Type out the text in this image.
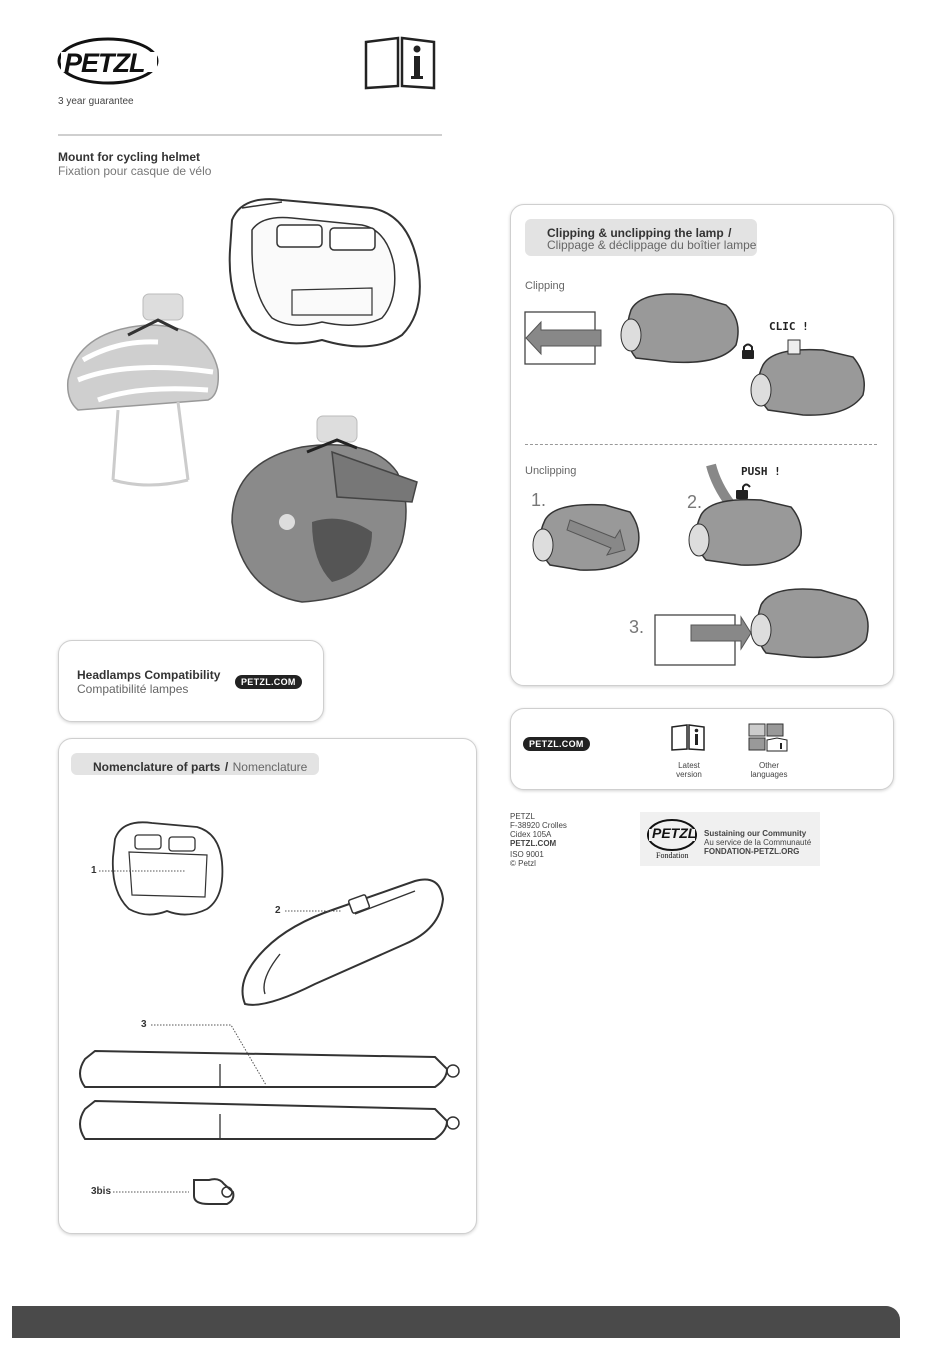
PETZL
3 year guarantee
Mount for cycling helmet
Fixation pour casque de vélo
Headlamps Compatibility
Compatibilité lampes	PETZL.COM
Nomenclature of parts / Nomenclature
1
2
3
3bis
Clipping & unclipping the lamp /
Clippage & déclippage du boîtier lampe
Clipping
CLIC !
Unclipping
1.	2.
PUSH !
3.
PETZL.COM
Latest version
Other languages
PETZL
F-38920 Crolles
Cidex 105A
PETZL.COM
ISO 9001
© Petzl
PETZL
Fondation
Sustaining our Community
Au service de la Communauté
FONDATION-PETZL.ORG
